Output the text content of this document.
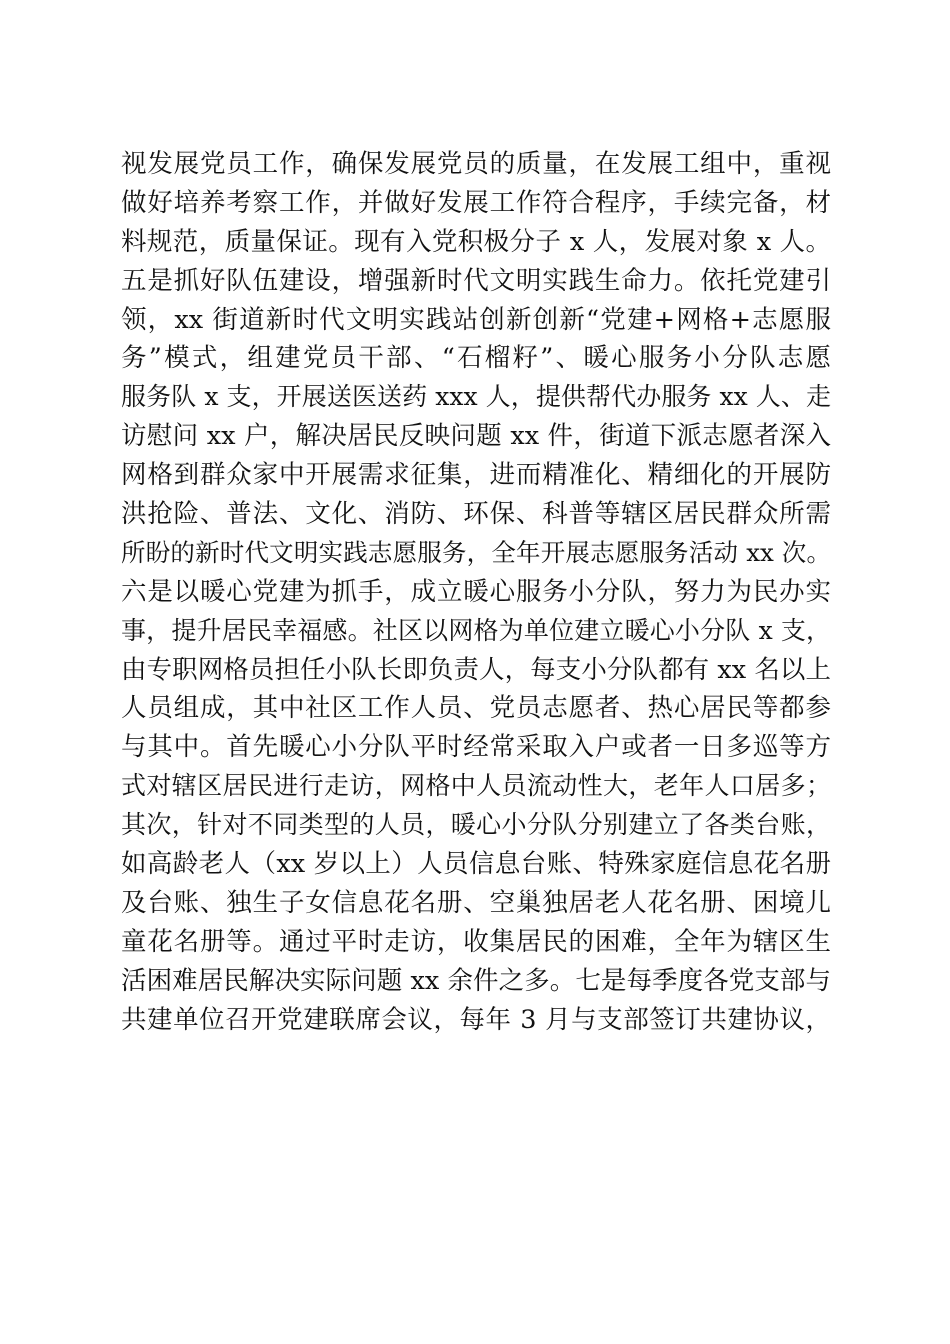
视发展党员工作，确保发展党员的质量，在发展工组中，重视
做好培养考察工作，并做好发展工作符合程序，手续完备，材
料规范，质量保证。现有入党积极分子 x 人，发展对象 x 人。
五是抓好队伍建设，增强新时代文明实践生命力。依托党建引
领，xx 街道新时代文明实践站创新创新“党建+网格+志愿服
务”模式，组建党员干部、“石榴籽”、暖心服务小分队志愿
服务队 x 支，开展送医送药 xxx 人，提供帮代办服务 xx 人、走
访慰问 xx 户，解决居民反映问题 xx 件，街道下派志愿者深入
网格到群众家中开展需求征集，进而精准化、精细化的开展防
洪抢险、普法、文化、消防、环保、科普等辖区居民群众所需
所盼的新时代文明实践志愿服务，全年开展志愿服务活动 xx 次。
六是以暖心党建为抓手，成立暖心服务小分队，努力为民办实
事，提升居民幸福感。社区以网格为单位建立暖心小分队 x 支，
由专职网格员担任小队长即负责人，每支小分队都有 xx 名以上
人员组成，其中社区工作人员、党员志愿者、热心居民等都参
与其中。首先暖心小分队平时经常采取入户或者一日多巡等方
式对辖区居民进行走访，网格中人员流动性大，老年人口居多；
其次，针对不同类型的人员，暖心小分队分别建立了各类台账，
如高龄老人（xx 岁以上）人员信息台账、特殊家庭信息花名册
及台账、独生子女信息花名册、空巢独居老人花名册、困境儿
童花名册等。通过平时走访，收集居民的困难，全年为辖区生
活困难居民解决实际问题 xx 余件之多。七是每季度各党支部与
共建单位召开党建联席会议，每年 3 月与支部签订共建协议，
